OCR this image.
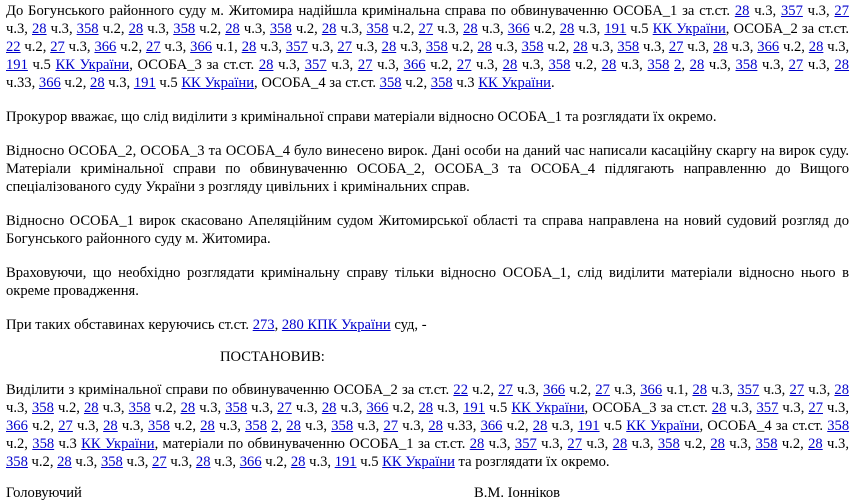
До Богунського районного суду м. Житомира надійшла кримінальна справа по обвинуваченню ОСОБА_1 за ст.ст. 28 ч.3, 357 ч.3, 27 ч.3, 28 ч.3, 358 ч.2, 28 ч.3, 358 ч.2, 28 ч.3, 358 ч.2, 28 ч.3, 358 ч.2, 27 ч.3, 28 ч.3, 366 ч.2, 28 ч.3, 191 ч.5 КК України, ОСОБА_2 за ст.ст. 22 ч.2, 27 ч.3, 366 ч.2, 27 ч.3, 366 ч.1, 28 ч.3, 357 ч.3, 27 ч.3, 28 ч.3, 358 ч.2, 28 ч.3, 358 ч.2, 28 ч.3, 358 ч.3, 27 ч.3, 28 ч.3, 366 ч.2, 28 ч.3, 191 ч.5 КК України, ОСОБА_3 за ст.ст. 28 ч.3, 357 ч.3, 27 ч.3, 366 ч.2, 27 ч.3, 28 ч.3, 358 ч.2, 28 ч.3, 358 2, 28 ч.3, 358 ч.3, 27 ч.3, 28 ч.33, 366 ч.2, 28 ч.3, 191 ч.5 КК України, ОСОБА_4 за ст.ст. 358 ч.2, 358 ч.3 КК України.

Прокурор вважає, що слід виділити з кримінальної справи матеріали відносно ОСОБА_1 та розглядати їх окремо.

Відносно ОСОБА_2, ОСОБА_3 та ОСОБА_4 було винесено вирок. Дані особи на даний час написали касаційну скаргу на вирок суду. Матеріали кримінальної справи по обвинуваченню ОСОБА_2, ОСОБА_3 та ОСОБА_4 підлягають направленню до Вищого спеціалізованого суду України з розгляду цивільних і кримінальних справ.

Відносно ОСОБА_1 вирок скасовано Апеляційним судом Житомирської області та справа направлена на новий судовий розгляд до Богунського районного суду м. Житомира.

Враховуючи, що необхідно розглядати кримінальну справу тільки відносно ОСОБА_1, слід виділити матеріали відносно нього в окреме провадження.

При таких обставинах керуючись ст.ст. 273, 280 КПК України суд, -

ПОСТАНОВИВ:

Виділити з кримінальної справи по обвинуваченню ОСОБА_2 за ст.ст. 22 ч.2, 27 ч.3, 366 ч.2, 27 ч.3, 366 ч.1, 28 ч.3, 357 ч.3, 27 ч.3, 28 ч.3, 358 ч.2, 28 ч.3, 358 ч.2, 28 ч.3, 358 ч.3, 27 ч.3, 28 ч.3, 366 ч.2, 28 ч.3, 191 ч.5 КК України, ОСОБА_3 за ст.ст. 28 ч.3, 357 ч.3, 27 ч.3, 366 ч.2, 27 ч.3, 28 ч.3, 358 ч.2, 28 ч.3, 358 2, 28 ч.3, 358 ч.3, 27 ч.3, 28 ч.33, 366 ч.2, 28 ч.3, 191 ч.5 КК України, ОСОБА_4 за ст.ст. 358 ч.2, 358 ч.3 КК України, матеріали по обвинуваченню ОСОБА_1 за ст.ст. 28 ч.3, 357 ч.3, 27 ч.3, 28 ч.3, 358 ч.2, 28 ч.3, 358 ч.2, 28 ч.3, 358 ч.2, 28 ч.3, 358 ч.3, 27 ч.3, 28 ч.3, 366 ч.2, 28 ч.3, 191 ч.5 КК України та розглядати їх окремо.

Головуючий	В.М. Іонніков
